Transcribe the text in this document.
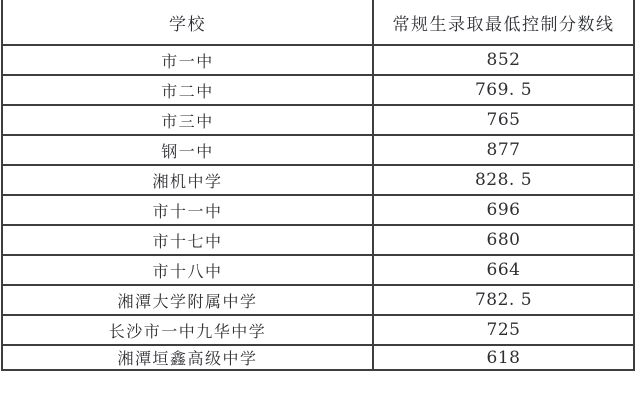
学校	常规生录取最低控制分数线
市一中	852
市二中	769. 5
市三中	765
钢一中	877
湘机中学	828. 5
市十一中	696
市十七中	680
市十八中	664
湘潭大学附属中学	782. 5
长沙市一中九华中学	725
湘潭垣鑫高级中学	618
